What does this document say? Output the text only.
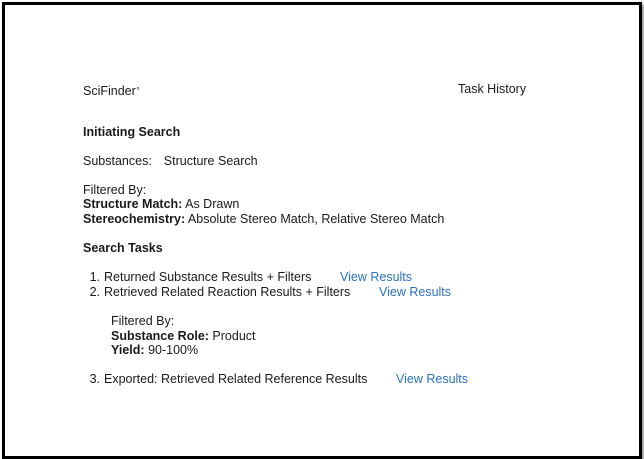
SciFinder$^n$	Task History
Initiating Search
Substances: Structure Search
Filtered By:
Structure Match: As Drawn
Stereochemistry: Absolute Stereo Match, Relative Stereo Match
Search Tasks
1. Returned Substance Results + Filters View Results
2. Retrieved Related Reaction Results + Filters View Results
Filtered By:
Substance Role: Product
Yield: 90-100%
3. Exported: Retrieved Related Reference Results View Results
